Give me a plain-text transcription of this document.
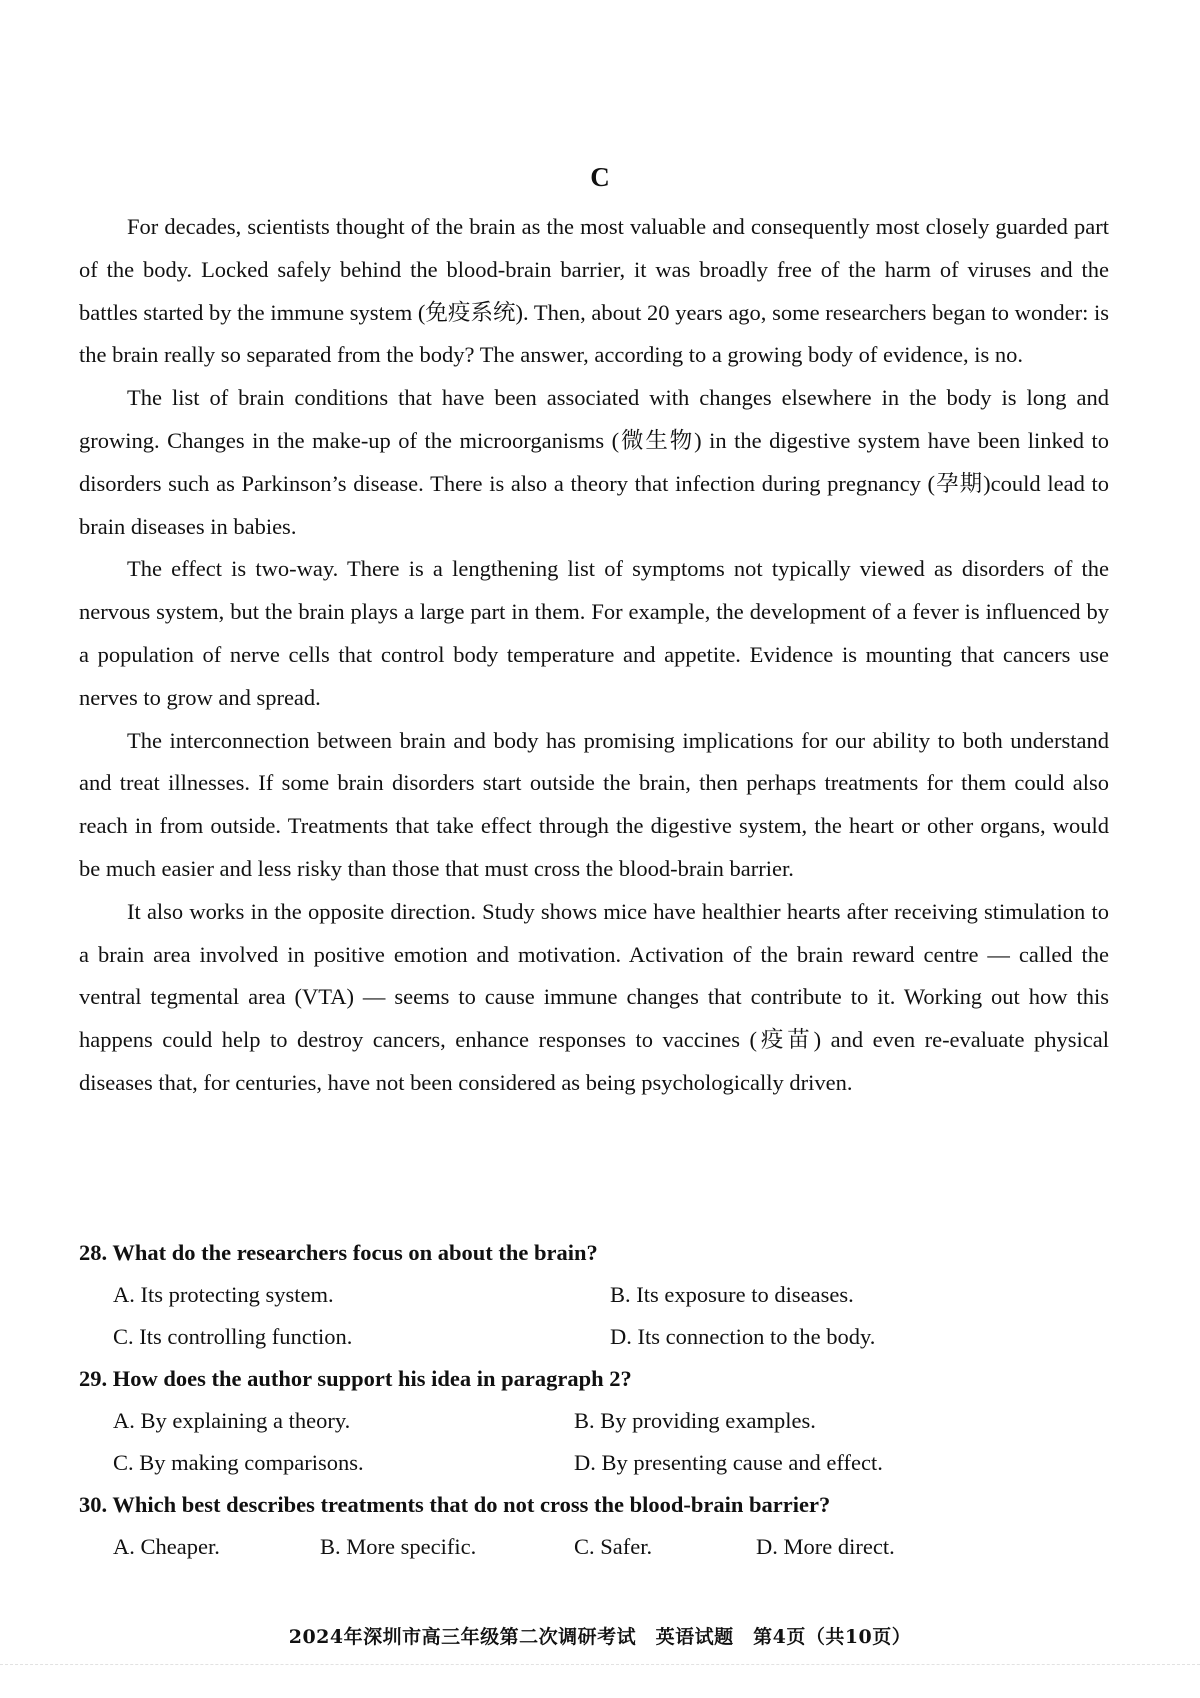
C

For decades, scientists thought of the brain as the most valuable and consequently most closely guarded part of the body. Locked safely behind the blood-brain barrier, it was broadly free of the harm of viruses and the battles started by the immune system (免疫系统). Then, about 20 years ago, some researchers began to wonder: is the brain really so separated from the body? The answer, according to a growing body of evidence, is no.

The list of brain conditions that have been associated with changes elsewhere in the body is long and growing. Changes in the make-up of the microorganisms (微生物) in the digestive system have been linked to disorders such as Parkinson’s disease. There is also a theory that infection during pregnancy (孕期)could lead to brain diseases in babies.

The effect is two-way. There is a lengthening list of symptoms not typically viewed as disorders of the nervous system, but the brain plays a large part in them. For example, the development of a fever is influenced by a population of nerve cells that control body temperature and appetite. Evidence is mounting that cancers use nerves to grow and spread.

The interconnection between brain and body has promising implications for our ability to both understand and treat illnesses. If some brain disorders start outside the brain, then perhaps treatments for them could also reach in from outside. Treatments that take effect through the digestive system, the heart or other organs, would be much easier and less risky than those that must cross the blood-brain barrier.

It also works in the opposite direction. Study shows mice have healthier hearts after receiving stimulation to a brain area involved in positive emotion and motivation. Activation of the brain reward centre — called the ventral tegmental area (VTA) — seems to cause immune changes that contribute to it. Working out how this happens could help to destroy cancers, enhance responses to vaccines (疫苗) and even re-evaluate physical diseases that, for centuries, have not been considered as being psychologically driven.

28. What do the researchers focus on about the brain?
A. Its protecting system.	B. Its exposure to diseases.
C. Its controlling function.	D. Its connection to the body.
29. How does the author support his idea in paragraph 2?
A. By explaining a theory.	B. By providing examples.
C. By making comparisons.	D. By presenting cause and effect.
30. Which best describes treatments that do not cross the blood-brain barrier?
A. Cheaper.	B. More specific.	C. Safer.	D. More direct.
2024年深圳市高三年级第二次调研考试　英语试题　第4页（共10页）
